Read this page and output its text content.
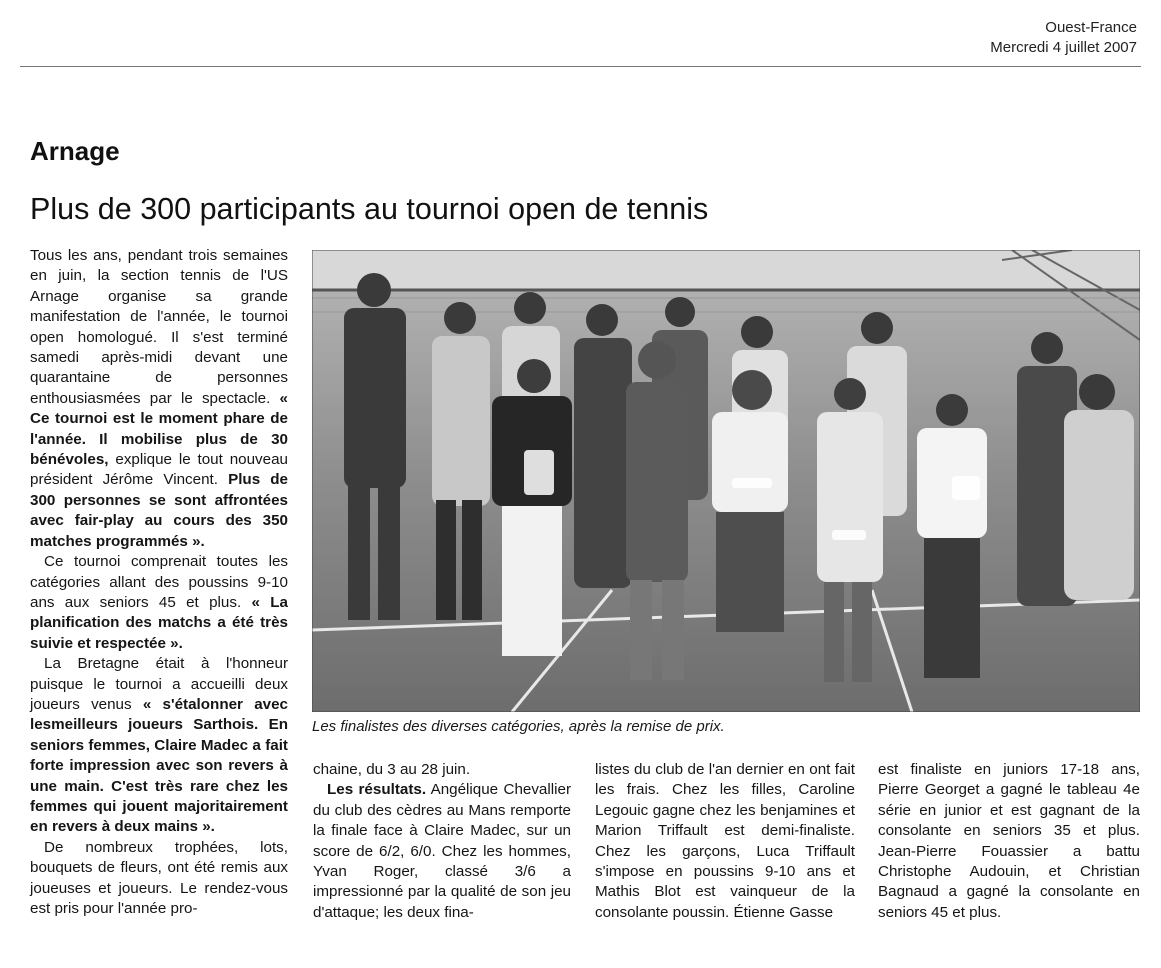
Ouest-France
Mercredi 4 juillet 2007
Arnage
Plus de 300 participants au tournoi open de tennis

Tous les ans, pendant trois semaines en juin, la section tennis de l'US Arnage organise sa grande manifestation de l'année, le tournoi open homologué. Il s'est terminé samedi après-midi devant une quarantaine de personnes enthousiasmées par le spectacle. « Ce tournoi est le moment phare de l'année. Il mobilise plus de 30 bénévoles, explique le tout nouveau président Jérôme Vincent. Plus de 300 personnes se sont affrontées avec fair-play au cours des 350 matches programmés ».

Ce tournoi comprenait toutes les catégories allant des poussins 9-10 ans aux seniors 45 et plus. « La planification des matchs a été très suivie et respectée ».

La Bretagne était à l'honneur puisque le tournoi a accueilli deux joueurs venus « s'étalonner avec lesmeilleurs joueurs Sarthois. En seniors femmes, Claire Madec a fait forte impression avec son revers à une main. C'est très rare chez les femmes qui jouent majoritairement en revers à deux mains ».

De nombreux trophées, lots, bouquets de fleurs, ont été remis aux joueuses et joueurs. Le rendez-vous est pris pour l'année pro-

Les finalistes des diverses catégories, après la remise de prix.

chaine, du 3 au 28 juin.

Les résultats. Angélique Chevallier du club des cèdres au Mans remporte la finale face à Claire Madec, sur un score de 6/2, 6/0. Chez les hommes, Yvan Roger, classé 3/6 a impressionné par la qualité de son jeu d'attaque; les deux fina-

listes du club de l'an dernier en ont fait les frais. Chez les filles, Caroline Legouic gagne chez les benjamines et Marion Triffault est demi-finaliste. Chez les garçons, Luca Triffault s'impose en poussins 9-10 ans et Mathis Blot est vainqueur de la consolante poussin. Étienne Gasse

est finaliste en juniors 17-18 ans, Pierre Georget a gagné le tableau 4e série en junior et est gagnant de la consolante en seniors 35 et plus. Jean-Pierre Fouassier a battu Christophe Audouin, et Christian Bagnaud a gagné la consolante en seniors 45 et plus.
